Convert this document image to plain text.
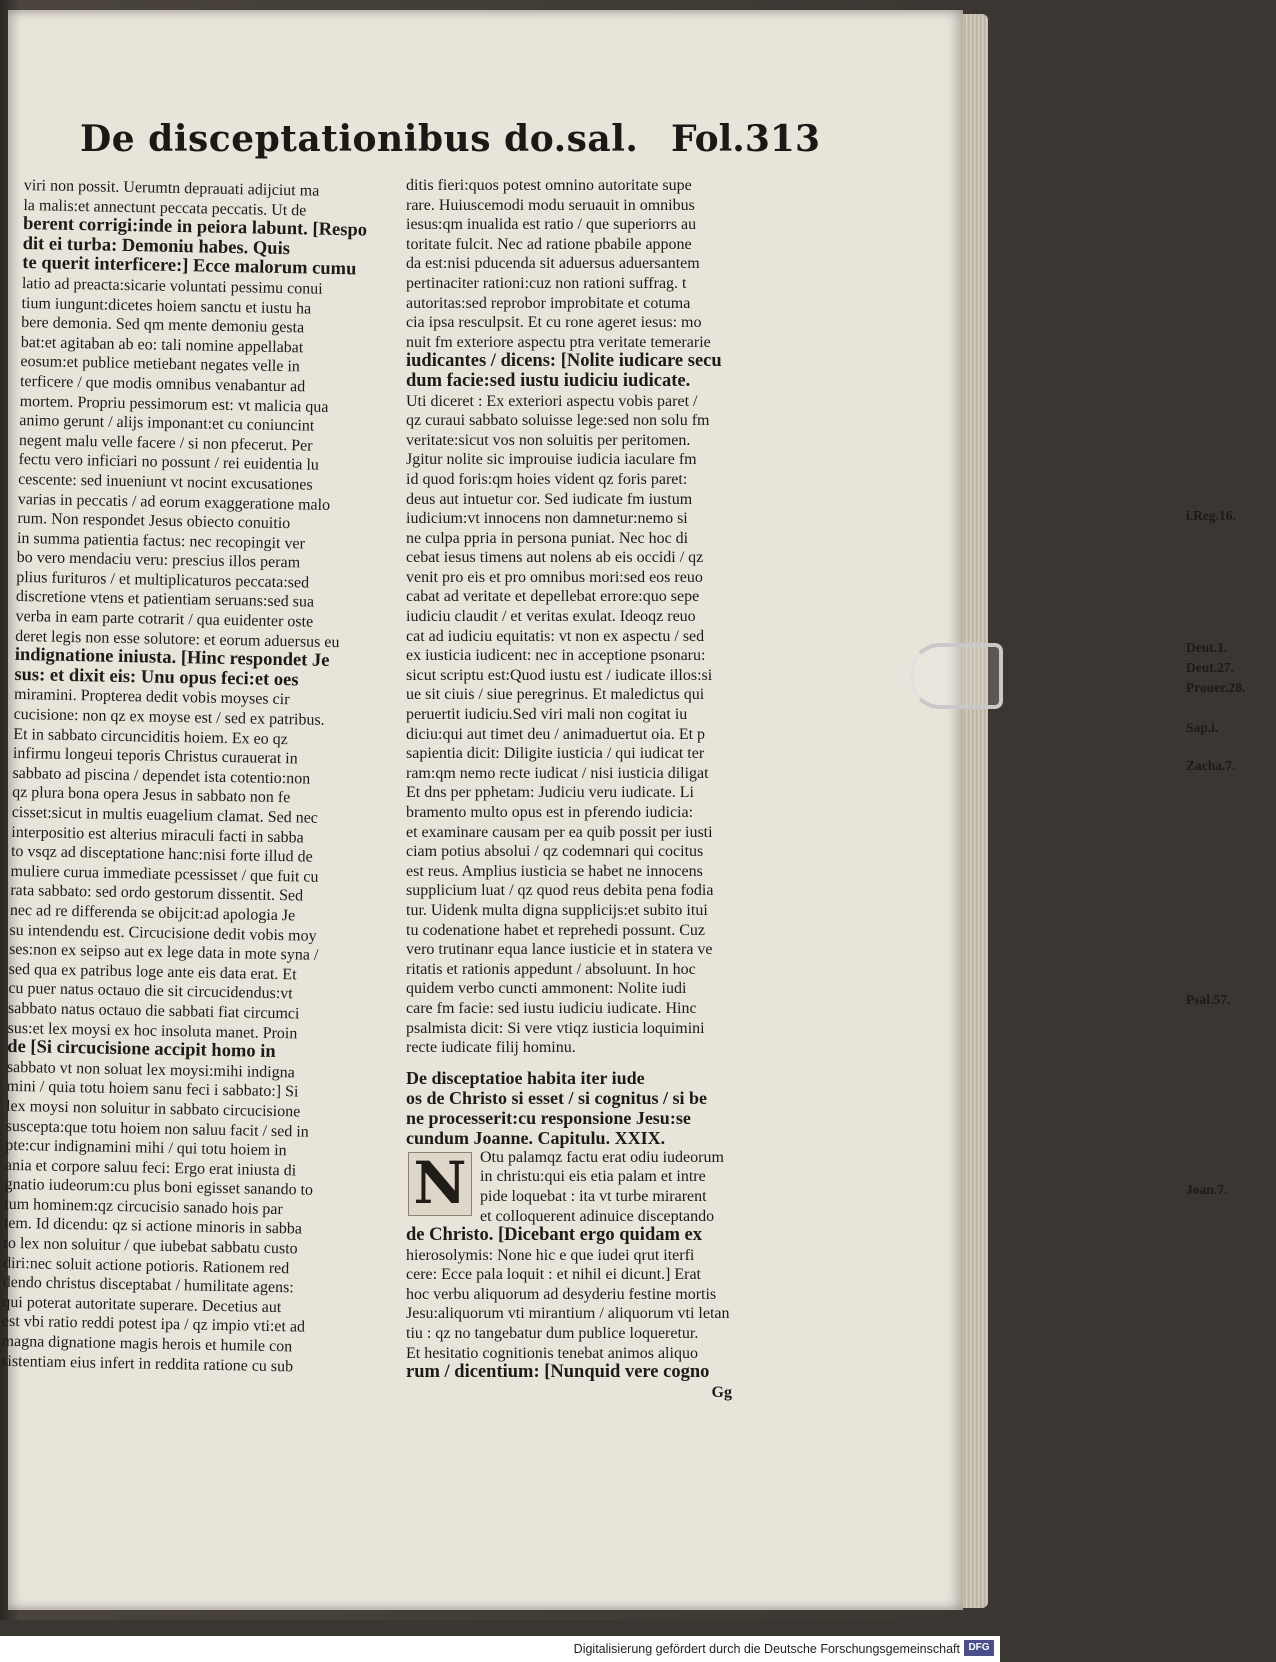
De disceptationibus do.sal. Fol.313
viri non possit. Uerumtn deprauati adijciut ma
la malis:et annectunt peccata peccatis. Ut de
berent corrigi:inde in peiora labunt. [Respo
dit ei turba: Demoniu habes. Quis
te querit interficere:] Ecce malorum cumu
latio ad preacta:sicarie voluntati pessimu conui
tium iungunt:dicetes hoiem sanctu et iustu ha
bere demonia. Sed qm mente demoniu gesta
bat:et agitaban ab eo: tali nomine appellabat
eosum:et publice metiebant negates velle in
terficere / que modis omnibus venabantur ad
mortem. Propriu pessimorum est: vt malicia qua
animo gerunt / alijs imponant:et cu coniuncint
negent malu velle facere / si non pfecerut. Per
fectu vero inficiari no possunt / rei euidentia lu
cescente: sed inueniunt vt nocint excusationes
varias in peccatis / ad eorum exaggeratione malo
rum. Non respondet Jesus obiecto conuitio
in summa patientia factus: nec recopingit ver
bo vero mendaciu veru: prescius illos peram
plius furituros / et multiplicaturos peccata:sed
discretione vtens et patientiam seruans:sed sua
verba in eam parte cotrarit / qua euidenter oste
deret legis non esse solutore: et eorum aduersus eu
indignatione iniusta. [Hinc respondet Je
sus: et dixit eis: Unu opus feci:et oes
miramini. Propterea dedit vobis moyses cir
cucisione: non qz ex moyse est / sed ex patribus.
Et in sabbato circunciditis hoiem. Ex eo qz
infirmu longeui teporis Christus curauerat in
sabbato ad piscina / dependet ista cotentio:non
qz plura bona opera Jesus in sabbato non fe
cisset:sicut in multis euagelium clamat. Sed nec
interpositio est alterius miraculi facti in sabba
to vsqz ad disceptatione hanc:nisi forte illud de
muliere curua immediate pcessisset / que fuit cu
rata sabbato: sed ordo gestorum dissentit. Sed
nec ad re differenda se obijcit:ad apologia Je
su intendendu est. Circucisione dedit vobis moy
ses:non ex seipso aut ex lege data in mote syna /
sed qua ex patribus loge ante eis data erat. Et
cu puer natus octauo die sit circucidendus:vt
sabbato natus octauo die sabbati fiat circumci
sus:et lex moysi ex hoc insoluta manet. Proin
de [Si circucisione accipit homo in
sabbato vt non soluat lex moysi:mihi indigna
mini / quia totu hoiem sanu feci i sabbato:] Si
lex moysi non soluitur in sabbato circucisione
suscepta:que totu hoiem non saluu facit / sed in
pte:cur indignamini mihi / qui totu hoiem in
ania et corpore saluu feci: Ergo erat iniusta di
gnatio iudeorum:cu plus boni egisset sanando to
tum hominem:qz circucisio sanado hois par
tem. Id dicendu: qz si actione minoris in sabba
to lex non soluitur / que iubebat sabbatu custo
diri:nec soluit actione potioris. Rationem red
dendo christus disceptabat / humilitate agens:
qui poterat autoritate superare. Decetius aut
est vbi ratio reddi potest ipa / qz impio vti:et ad
magna dignatione magis herois et humile con
sistentiam eius infert in reddita ratione cu sub
ditis fieri:quos potest omnino autoritate supe
rare. Huiuscemodi modu seruauit in omnibus
iesus:qm inualida est ratio / que superiorrs au
toritate fulcit. Nec ad ratione pbabile appone
da est:nisi pducenda sit aduersus aduersantem
pertinaciter rationi:cuz non rationi suffrag. t
autoritas:sed reprobor improbitate et cotuma
cia ipsa resculpsit. Et cu rone ageret iesus: mo
nuit fm exteriore aspectu ptra veritate temerarie
iudicantes / dicens: [Nolite iudicare secu
dum facie:sed iustu iudiciu iudicate.
Uti diceret : Ex exteriori aspectu vobis paret /
qz curaui sabbato soluisse lege:sed non solu fm
veritate:sicut vos non soluitis per peritomen.
Jgitur nolite sic improuise iudicia iaculare fm
id quod foris:qm hoies vident qz foris paret:
deus aut intuetur cor. Sed iudicate fm iustum
iudicium:vt innocens non damnetur:nemo si
ne culpa ppria in persona puniat. Nec hoc di
cebat iesus timens aut nolens ab eis occidi / qz
venit pro eis et pro omnibus mori:sed eos reuo
cabat ad veritate et depellebat errore:quo sepe
iudiciu claudit / et veritas exulat. Ideoqz reuo
cat ad iudiciu equitatis: vt non ex aspectu / sed
ex iusticia iudicent: nec in acceptione psonaru:
sicut scriptu est:Quod iustu est / iudicate illos:si
ue sit ciuis / siue peregrinus. Et maledictus qui
peruertit iudiciu.Sed viri mali non cogitat iu
diciu:qui aut timet deu / animaduertut oia. Et p
sapientia dicit: Diligite iusticia / qui iudicat ter
ram:qm nemo recte iudicat / nisi iusticia diligat
Et dns per pphetam: Judiciu veru iudicate. Li
bramento multo opus est in pferendo iudicia:
et examinare causam per ea quib possit per iusti
ciam potius absolui / qz codemnari qui cocitus
est reus. Amplius iusticia se habet ne innocens
supplicium luat / qz quod reus debita pena fodia
tur. Uidenk multa digna supplicijs:et subito itui
tu codenatione habet et reprehedi possunt. Cuz
vero trutinanr equa lance iusticie et in statera ve
ritatis et rationis appedunt / absoluunt. In hoc
quidem verbo cuncti ammonent: Nolite iudi
care fm facie: sed iustu iudiciu iudicate. Hinc
psalmista dicit: Si vere vtiqz iusticia loquimini
recte iudicate filij hominu.
De disceptatioe habita iter iude
os de Christo si esset / si cognitus / si be
ne processerit:cu responsione Jesu:se
cundum Joanne. Capitulu. XXIX.
N Otu palamqz factu erat odiu iudeorum
in christu:qui eis etia palam et intre
pide loquebat : ita vt turbe mirarent
et colloquerent adinuice disceptando
de Christo. [Dicebant ergo quidam ex
hierosolymis: None hic e que iudei qrut iterfi
cere: Ecce pala loquit : et nihil ei dicunt.] Erat
hoc verbu aliquorum ad desyderiu festine mortis
Jesu:aliquorum vti mirantium / aliquorum vti letan
tiu : qz no tangebatur dum publice loqueretur.
Et hesitatio cognitionis tenebat animos aliquo
rum / dicentium: [Nunquid vere cogno
Gg
i.Reg.16.
Deut.1.
Deut.27.
Prouer.28.
Sap.i.
Zacha.7.
Psal.57.
Joan.7.
Digitalisierung gefördert durch die Deutsche Forschungsgemeinschaft DFG
